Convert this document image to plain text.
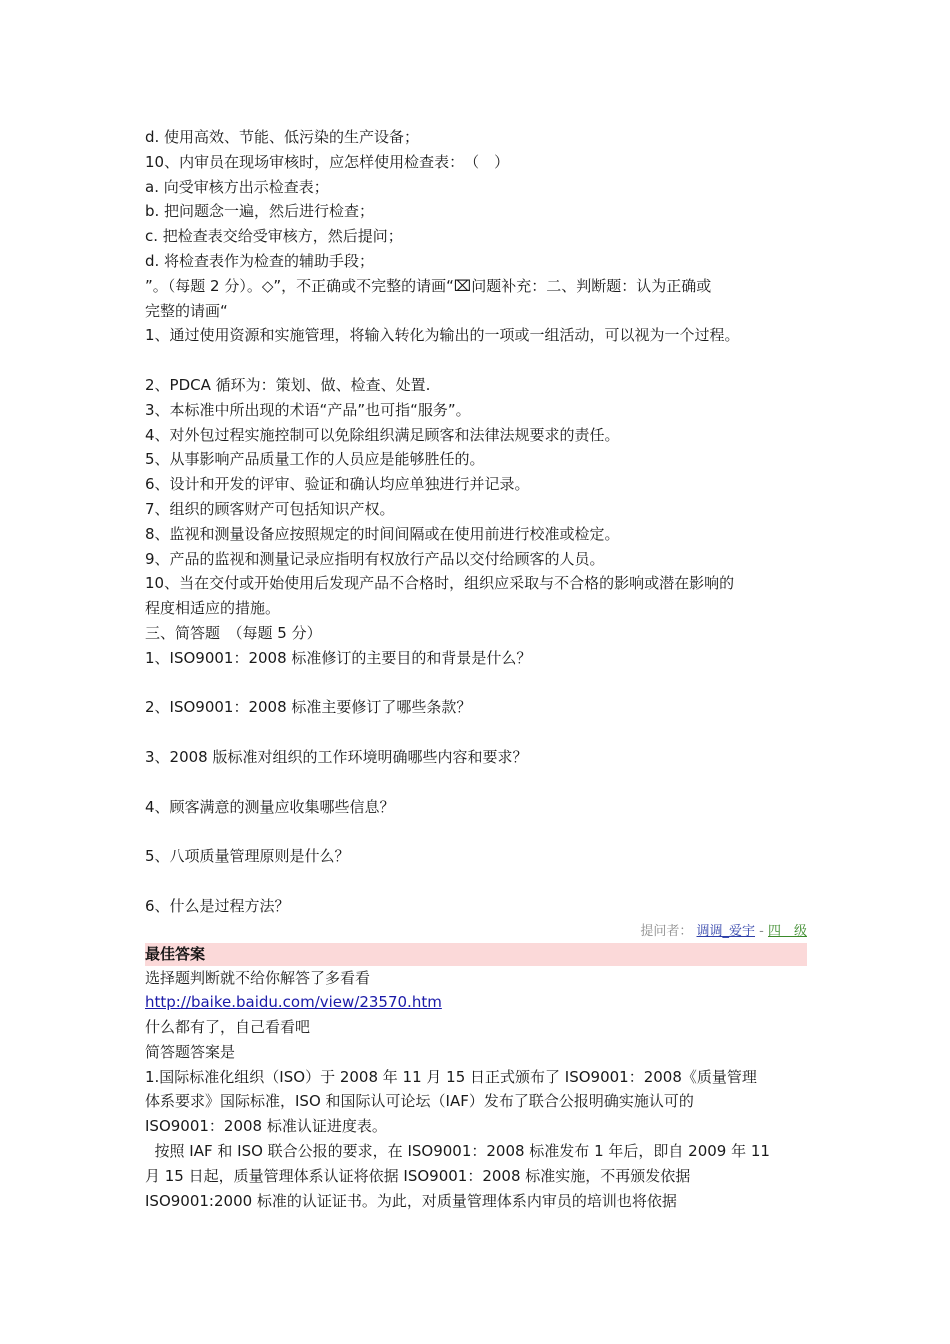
d. 使用高效、节能、低污染的生产设备；
10、内审员在现场审核时，应怎样使用检查表：　（　）
a. 向受审核方出示检查表；
b. 把问题念一遍，然后进行检查；
c. 把检查表交给受审核方，然后提问；
d. 将检查表作为检查的辅助手段；
”。（每题 2 分）。◇”，不正确或不完整的请画“⌧问题补充：二、判断题：认为正确或
完整的请画“
1、通过使用资源和实施管理，将输入转化为输出的一项或一组活动，可以视为一个过程。
2、PDCA 循环为：策划、做、检查、处置.
3、本标准中所出现的术语“产品”也可指“服务”。
4、对外包过程实施控制可以免除组织满足顾客和法律法规要求的责任。
5、从事影响产品质量工作的人员应是能够胜任的。
6、设计和开发的评审、验证和确认均应单独进行并记录。
7、组织的顾客财产可包括知识产权。
8、监视和测量设备应按照规定的时间间隔或在使用前进行校准或检定。
9、产品的监视和测量记录应指明有权放行产品以交付给顾客的人员。
10、当在交付或开始使用后发现产品不合格时，组织应采取与不合格的影响或潜在影响的
程度相适应的措施。
三、简答题　（每题 5 分）
1、ISO9001：2008 标准修订的主要目的和背景是什么？
2、ISO9001：2008 标准主要修订了哪些条款？
3、2008 版标准对组织的工作环境明确哪些内容和要求？
4、顾客满意的测量应收集哪些信息？
5、八项质量管理原则是什么？
6、什么是过程方法？
提问者： 调调_爱宇 - 四　级
最佳答案
选择题判断就不给你解答了多看看
http://baike.baidu.com/view/23570.htm
什么都有了，自己看看吧
简答题答案是
1.国际标准化组织（ISO）于 2008 年 11 月 15 日正式颁布了 ISO9001：2008《质量管理
体系要求》国际标准，ISO 和国际认可论坛（IAF）发布了联合公报明确实施认可的
ISO9001：2008 标准认证进度表。
按照 IAF 和 ISO 联合公报的要求，在 ISO9001：2008 标准发布 1 年后，即自 2009 年 11
月 15 日起，质量管理体系认证将依据 ISO9001：2008 标准实施，不再颁发依据
ISO9001:2000 标准的认证证书。为此，对质量管理体系内审员的培训也将依据
